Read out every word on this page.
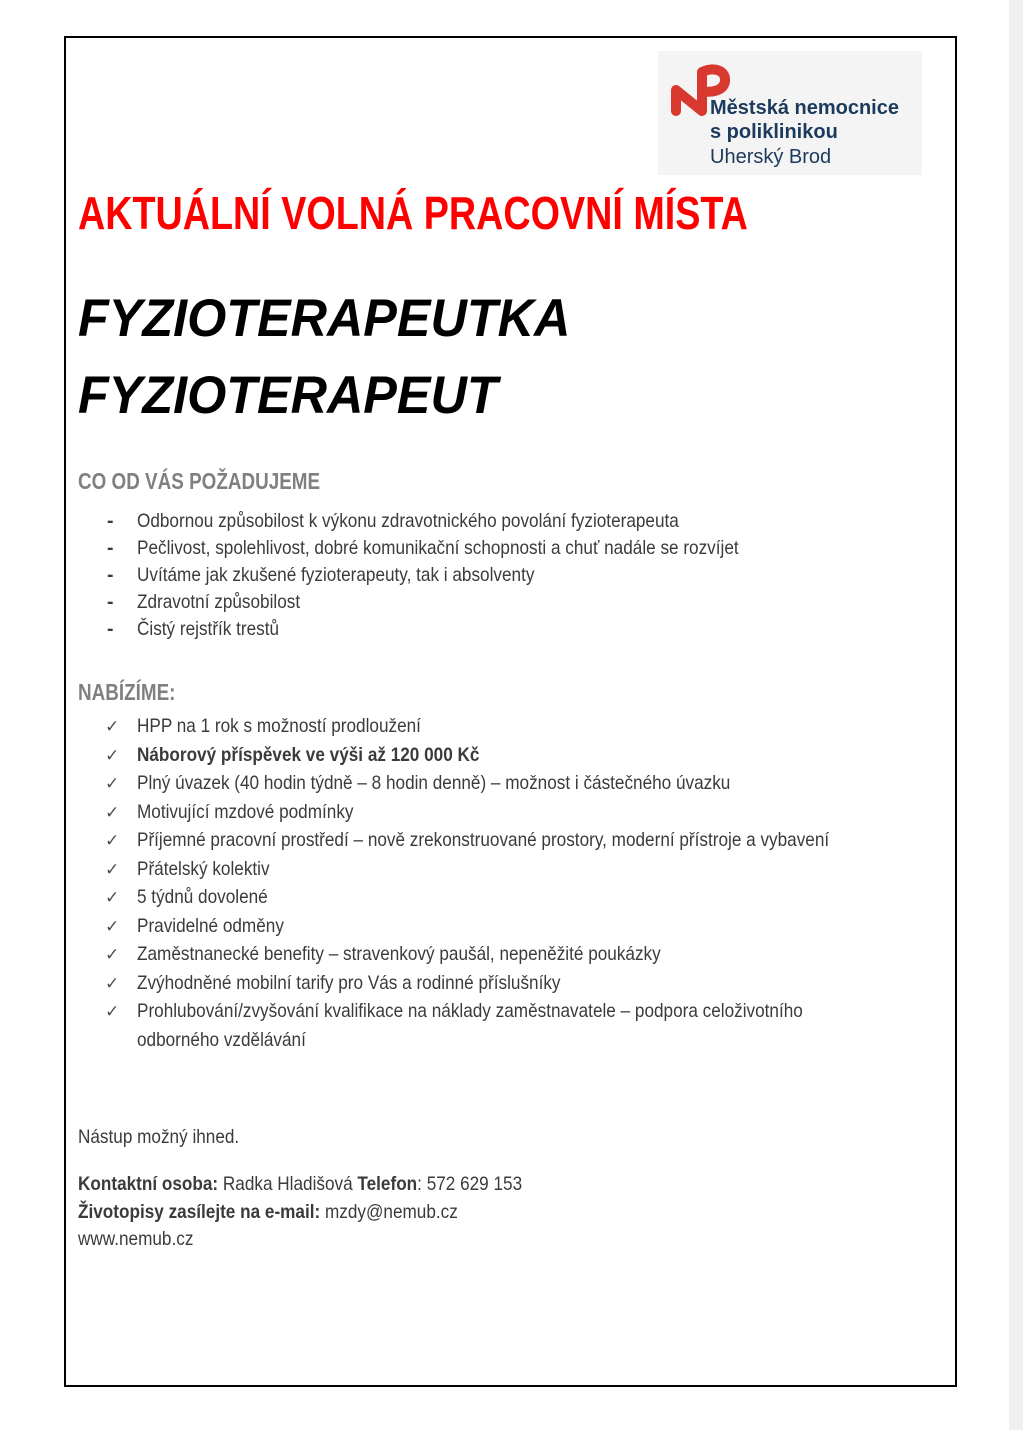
Městská nemocnice
s poliklinikou
Uherský Brod
AKTUÁLNÍ VOLNÁ PRACOVNÍ MÍSTA
FYZIOTERAPEUTKA
FYZIOTERAPEUT
CO OD VÁS POŽADUJEME
- Odbornou způsobilost k výkonu zdravotnického povolání fyzioterapeuta
- Pečlivost, spolehlivost, dobré komunikační schopnosti a chuť nadále se rozvíjet
- Uvítáme jak zkušené fyzioterapeuty, tak i absolventy
- Zdravotní způsobilost
- Čistý rejstřík trestů
NABÍZÍME:
✓ HPP na 1 rok s možností prodloužení
✓ Náborový příspěvek ve výši až 120 000 Kč
✓ Plný úvazek (40 hodin týdně – 8 hodin denně) – možnost i částečného úvazku
✓ Motivující mzdové podmínky
✓ Příjemné pracovní prostředí – nově zrekonstruované prostory, moderní přístroje a vybavení
✓ Přátelský kolektiv
✓ 5 týdnů dovolené
✓ Pravidelné odměny
✓ Zaměstnanecké benefity – stravenkový paušál, nepeněžité poukázky
✓ Zvýhodněné mobilní tarify pro Vás a rodinné příslušníky
✓ Prohlubování/zvyšování kvalifikace na náklady zaměstnavatele – podpora celoživotního
odborného vzdělávání
Nástup možný ihned.
Kontaktní osoba: Radka Hladišová Telefon: 572 629 153
Životopisy zasílejte na e-mail: mzdy@nemub.cz
www.nemub.cz
